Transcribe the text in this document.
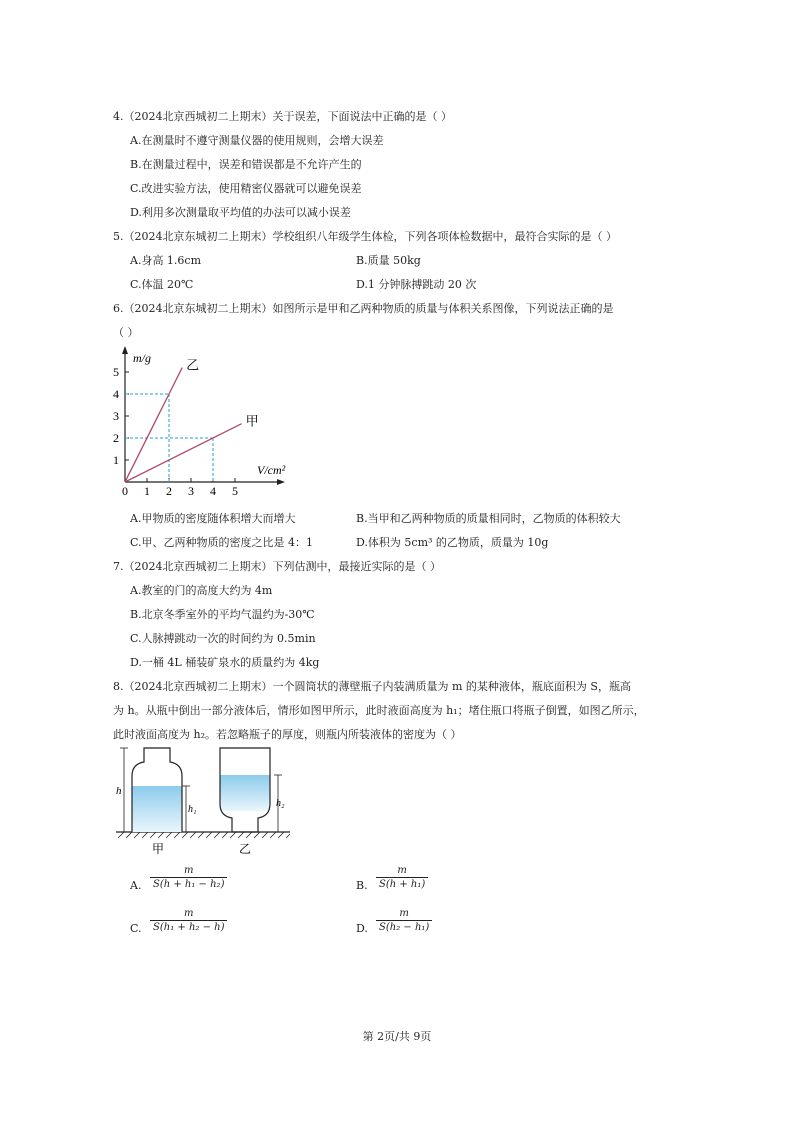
4.（2024北京西城初二上期末）关于误差，下面说法中正确的是（ ）
A.在测量时不遵守测量仪器的使用规则，会增大误差
B.在测量过程中，误差和错误都是不允许产生的
C.改进实验方法，使用精密仪器就可以避免误差
D.利用多次测量取平均值的办法可以减小误差
5.（2024北京东城初二上期末）学校组织八年级学生体检，下列各项体检数据中，最符合实际的是（ ）
A.身高 1.6cm	B.质量 50kg
C.体温 20℃	D.1 分钟脉搏跳动 20 次
6.（2024北京东城初二上期末）如图所示是甲和乙两种物质的质量与体积关系图像，下列说法正确的是
（ ）
0 1 2 3 4 5
1
2
3
4
5	乙
甲
m/g
V/cm²
A.甲物质的密度随体积增大而增大	B.当甲和乙两种物质的质量相同时，乙物质的体积较大
C.甲、乙两种物质的密度之比是 4：1	D.体积为 5cm³ 的乙物质，质量为 10g
7.（2024北京西城初二上期末）下列估测中，最接近实际的是（ ）
A.教室的门的高度大约为 4m
B.北京冬季室外的平均气温约为-30℃
C.人脉搏跳动一次的时间约为 0.5min
D.一桶 4L 桶装矿泉水的质量约为 4kg
8.（2024北京西城初二上期末）一个圆筒状的薄壁瓶子内装满质量为 m 的某种液体，瓶底面积为 S，瓶高
为 h。从瓶中倒出一部分液体后，情形如图甲所示，此时液面高度为 h₁；堵住瓶口将瓶子倒置，如图乙所示，
此时液面高度为 h₂。若忽略瓶子的厚度，则瓶内所装液体的密度为（ ）
h
h₁
h₂
甲	乙
A.
m
S(h + h₁ − h₂)	B.
m
S(h + h₁)
C.
m
S(h₁ + h₂ − h)	D.
m
S(h₂ − h₁)
第 2页/共 9页
